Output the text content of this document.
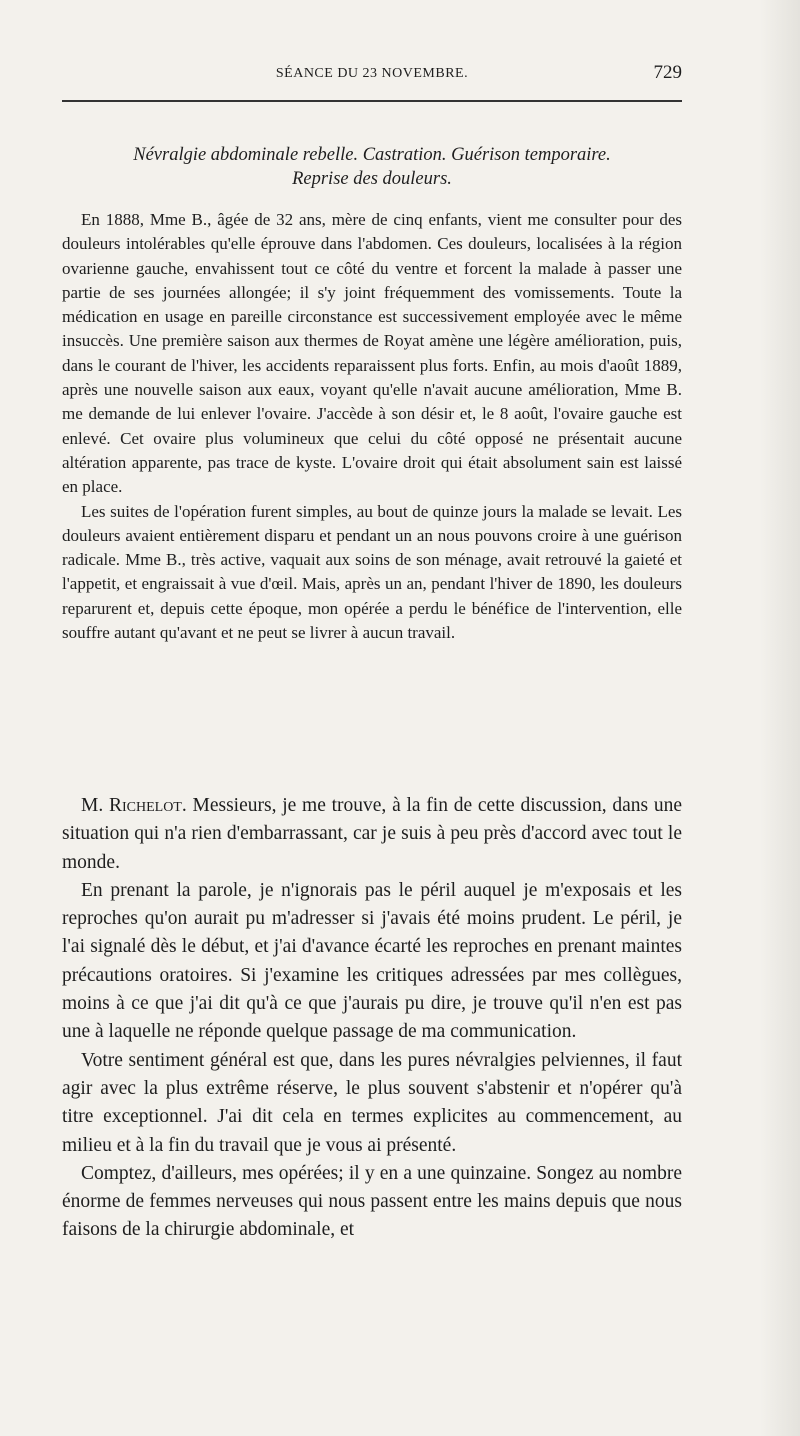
SÉANCE DU 23 NOVEMBRE.	729
Névralgie abdominale rebelle. Castration. Guérison temporaire.
Reprise des douleurs.

En 1888, Mme B., âgée de 32 ans, mère de cinq enfants, vient me consulter pour des douleurs intolérables qu'elle éprouve dans l'abdomen. Ces douleurs, localisées à la région ovarienne gauche, envahissent tout ce côté du ventre et forcent la malade à passer une partie de ses journées allongée; il s'y joint fréquemment des vomissements. Toute la médication en usage en pareille circonstance est successivement employée avec le même insuccès. Une première saison aux thermes de Royat amène une légère amélioration, puis, dans le courant de l'hiver, les accidents reparaissent plus forts. Enfin, au mois d'août 1889, après une nouvelle saison aux eaux, voyant qu'elle n'avait aucune amélioration, Mme B. me demande de lui enlever l'ovaire. J'accède à son désir et, le 8 août, l'ovaire gauche est enlevé. Cet ovaire plus volumineux que celui du côté opposé ne présentait aucune altération apparente, pas trace de kyste. L'ovaire droit qui était absolument sain est laissé en place.

Les suites de l'opération furent simples, au bout de quinze jours la malade se levait. Les douleurs avaient entièrement disparu et pendant un an nous pouvons croire à une guérison radicale. Mme B., très active, vaquait aux soins de son ménage, avait retrouvé la gaieté et l'appetit, et engraissait à vue d'œil. Mais, après un an, pendant l'hiver de 1890, les douleurs reparurent et, depuis cette époque, mon opérée a perdu le bénéfice de l'intervention, elle souffre autant qu'avant et ne peut se livrer à aucun travail.

M. Richelot. Messieurs, je me trouve, à la fin de cette discussion, dans une situation qui n'a rien d'embarrassant, car je suis à peu près d'accord avec tout le monde.

En prenant la parole, je n'ignorais pas le péril auquel je m'exposais et les reproches qu'on aurait pu m'adresser si j'avais été moins prudent. Le péril, je l'ai signalé dès le début, et j'ai d'avance écarté les reproches en prenant maintes précautions oratoires. Si j'examine les critiques adressées par mes collègues, moins à ce que j'ai dit qu'à ce que j'aurais pu dire, je trouve qu'il n'en est pas une à laquelle ne réponde quelque passage de ma communication.

Votre sentiment général est que, dans les pures névralgies pelviennes, il faut agir avec la plus extrême réserve, le plus souvent s'abstenir et n'opérer qu'à titre exceptionnel. J'ai dit cela en termes explicites au commencement, au milieu et à la fin du travail que je vous ai présenté.

Comptez, d'ailleurs, mes opérées; il y en a une quinzaine. Songez au nombre énorme de femmes nerveuses qui nous passent entre les mains depuis que nous faisons de la chirurgie abdominale, et
